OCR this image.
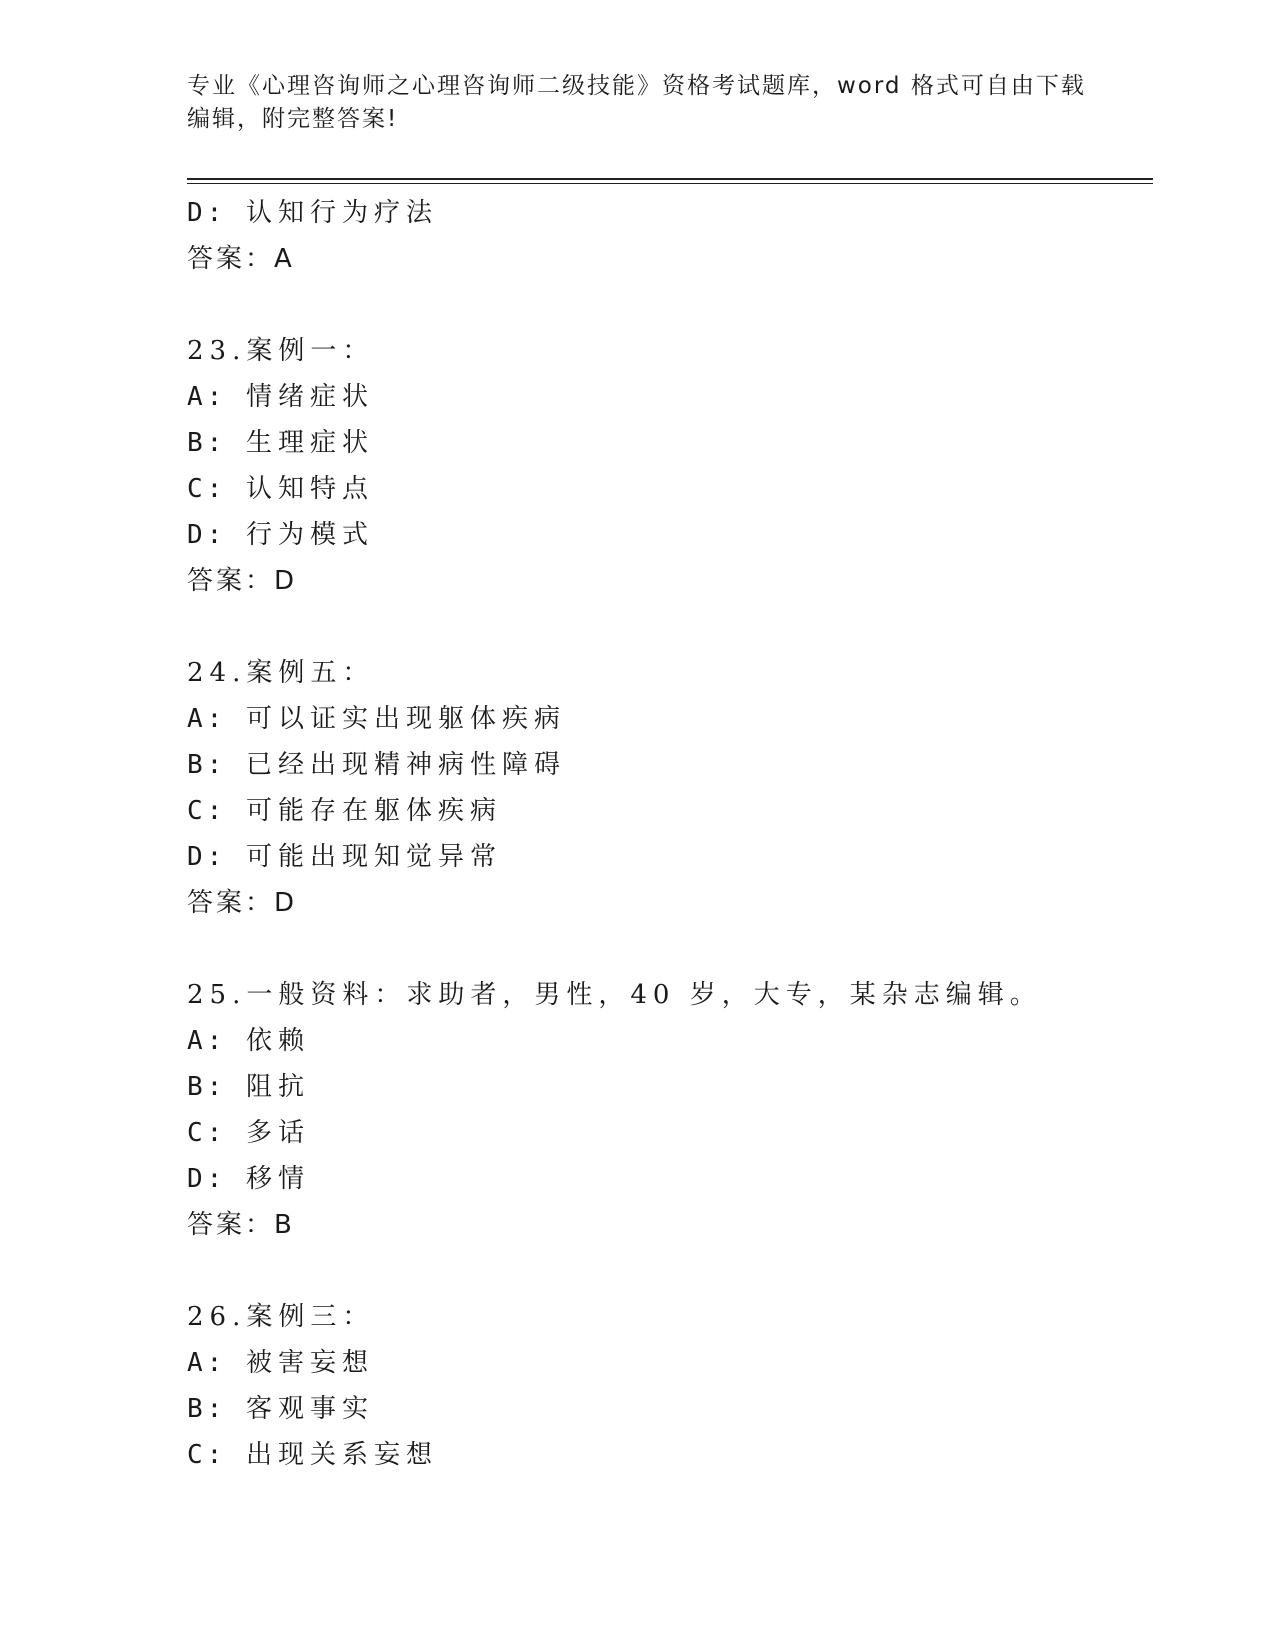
专业《心理咨询师之心理咨询师二级技能》资格考试题库，word 格式可自由下载
编辑，附完整答案!
D: 认知行为疗法
答案：A
23.案例一：
A: 情绪症状
B: 生理症状
C: 认知特点
D: 行为模式
答案：D
24.案例五：
A: 可以证实出现躯体疾病
B: 已经出现精神病性障碍
C: 可能存在躯体疾病
D: 可能出现知觉异常
答案：D
25.一般资料：求助者，男性，40 岁，大专，某杂志编辑。
A: 依赖
B: 阻抗
C: 多话
D: 移情
答案：B
26.案例三：
A: 被害妄想
B: 客观事实
C: 出现关系妄想
